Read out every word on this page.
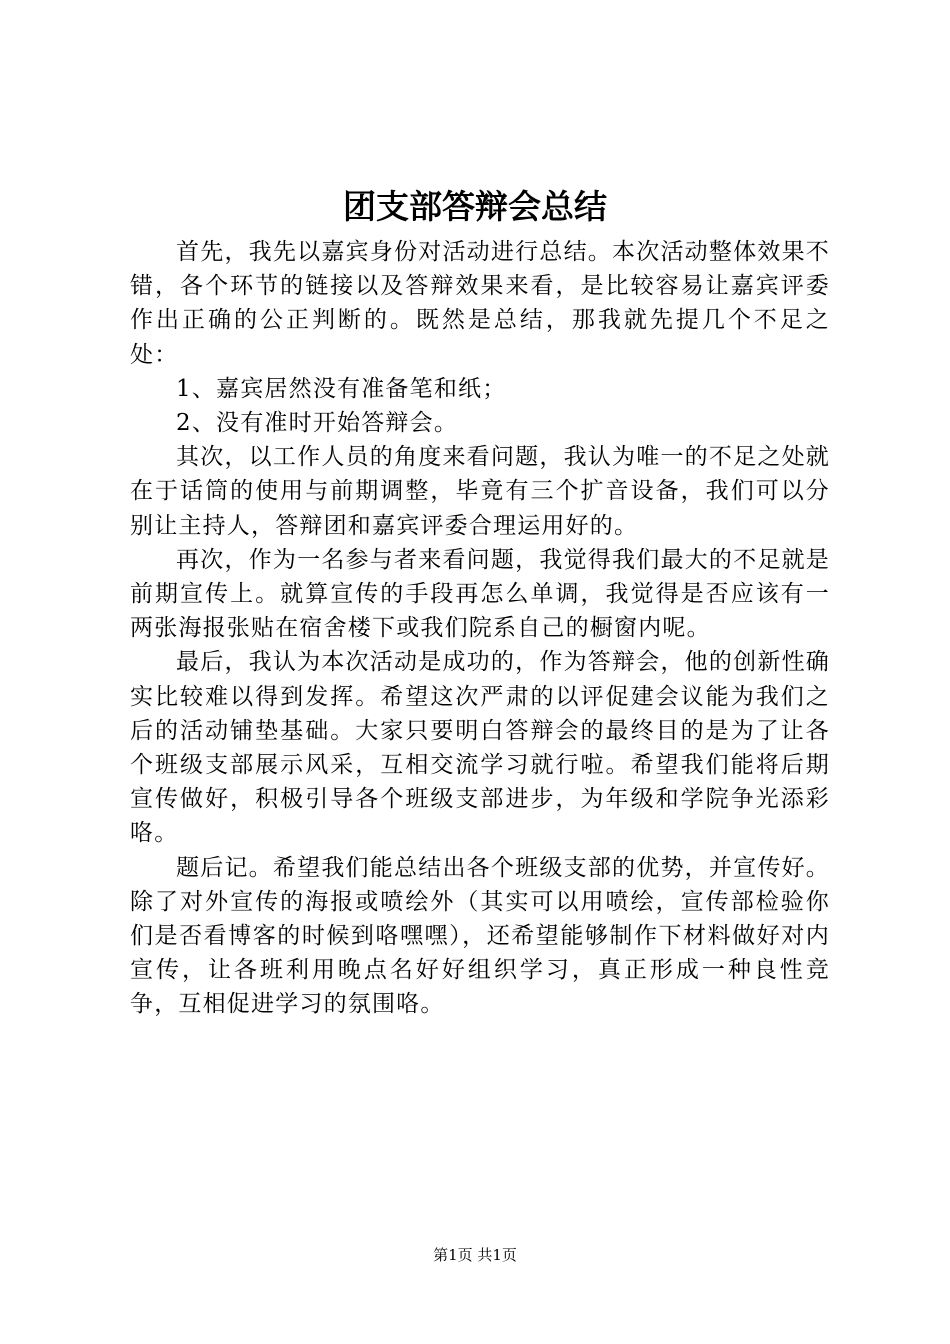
团支部答辩会总结

首先，我先以嘉宾身份对活动进行总结。本次活动整体效果不错，各个环节的链接以及答辩效果来看，是比较容易让嘉宾评委作出正确的公正判断的。既然是总结，那我就先提几个不足之处：

1、嘉宾居然没有准备笔和纸；

2、没有准时开始答辩会。

其次，以工作人员的角度来看问题，我认为唯一的不足之处就在于话筒的使用与前期调整，毕竟有三个扩音设备，我们可以分别让主持人，答辩团和嘉宾评委合理运用好的。

再次，作为一名参与者来看问题，我觉得我们最大的不足就是前期宣传上。就算宣传的手段再怎么单调，我觉得是否应该有一两张海报张贴在宿舍楼下或我们院系自己的橱窗内呢。

最后，我认为本次活动是成功的，作为答辩会，他的创新性确实比较难以得到发挥。希望这次严肃的以评促建会议能为我们之后的活动铺垫基础。大家只要明白答辩会的最终目的是为了让各个班级支部展示风采，互相交流学习就行啦。希望我们能将后期宣传做好，积极引导各个班级支部进步，为年级和学院争光添彩咯。

题后记。希望我们能总结出各个班级支部的优势，并宣传好。除了对外宣传的海报或喷绘外（其实可以用喷绘，宣传部检验你们是否看博客的时候到咯嘿嘿），还希望能够制作下材料做好对内宣传，让各班利用晚点名好好组织学习，真正形成一种良性竞争，互相促进学习的氛围咯。

第1页 共1页
